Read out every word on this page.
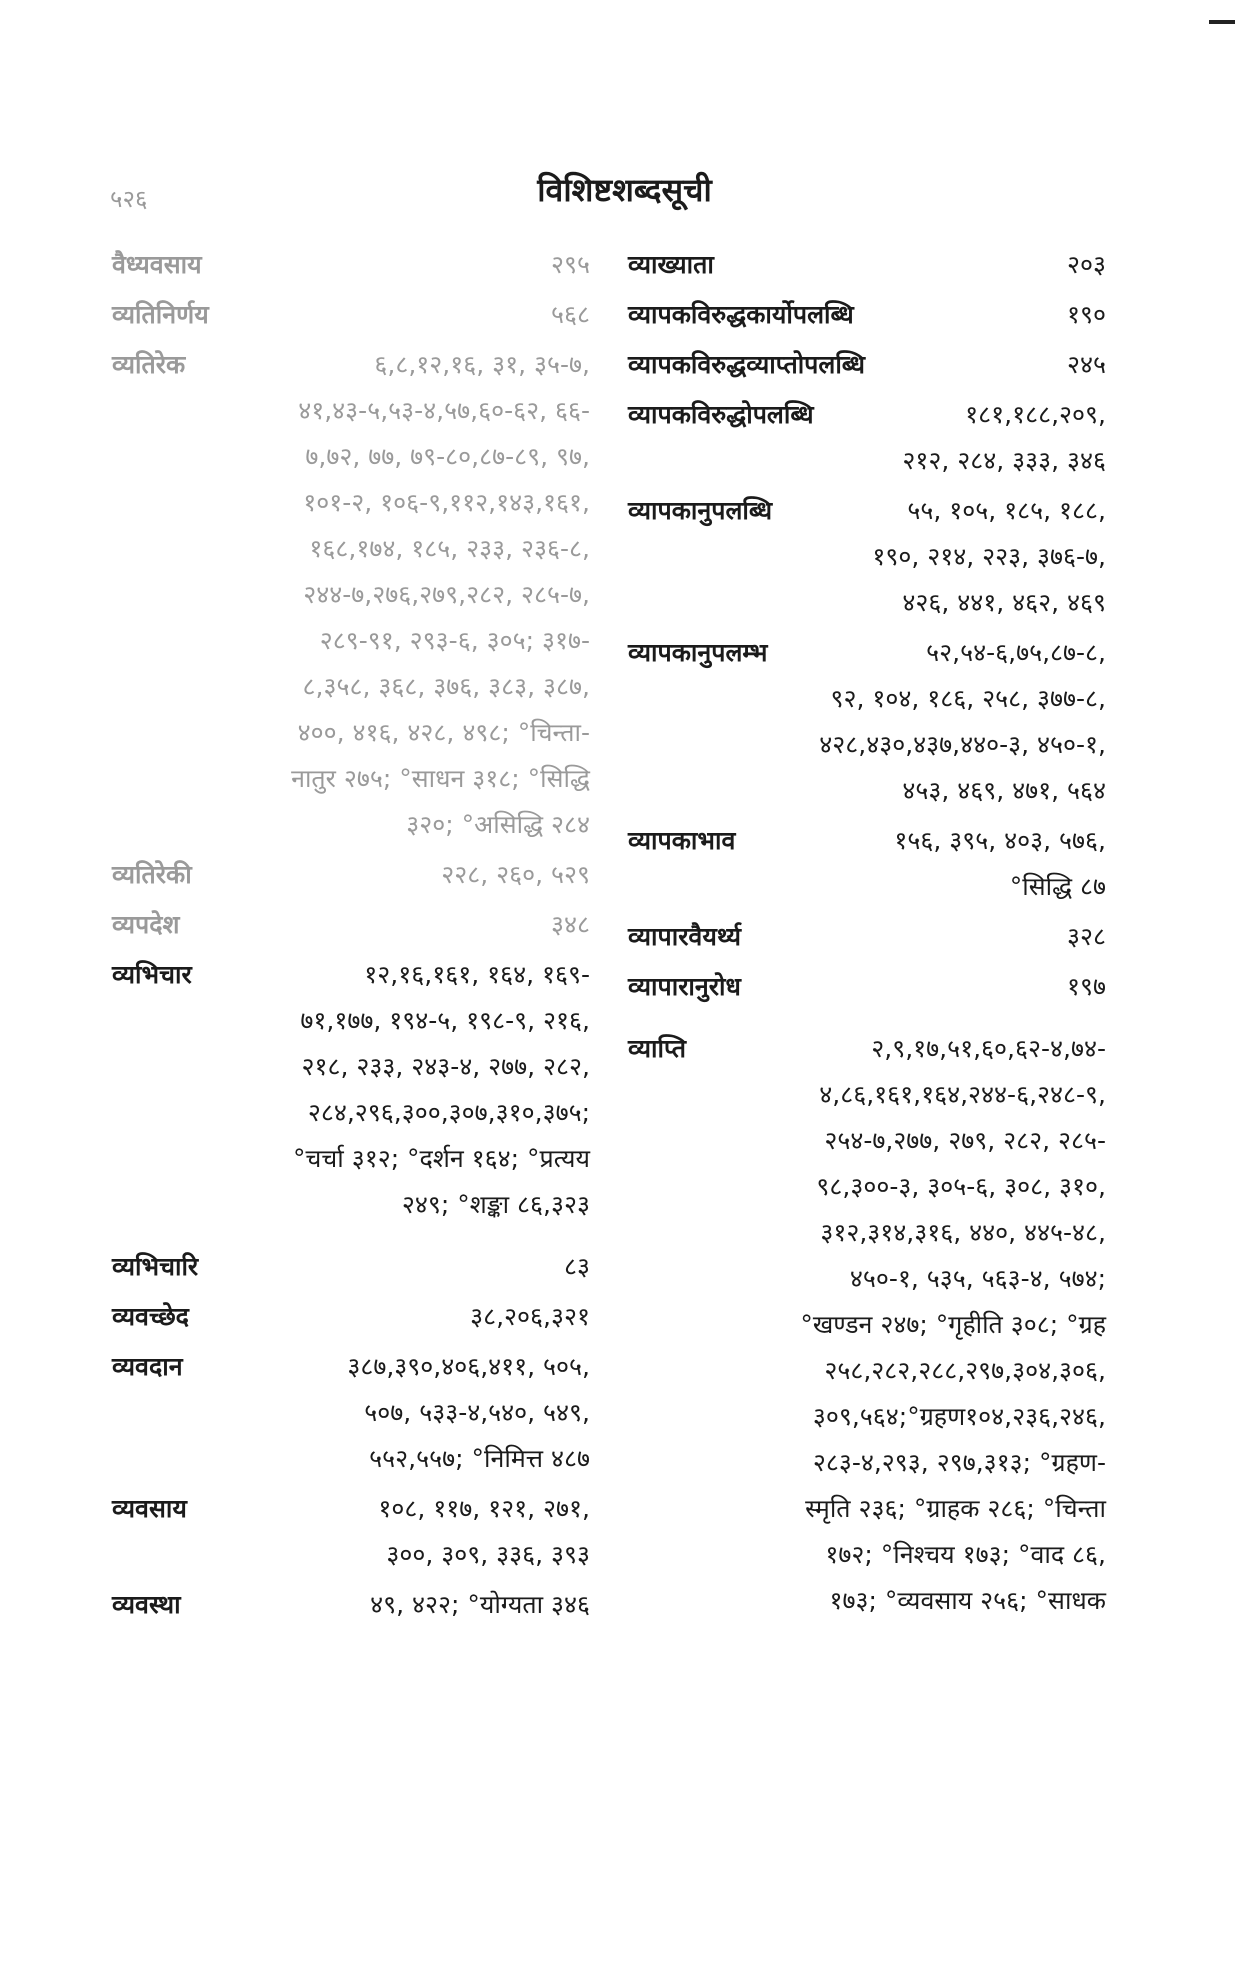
५२६	विशिष्टशब्दसूची
वैध्यवसाय	२९५
व्यतिनिर्णय	५६८
व्यतिरेक	६,८,१२,१६, ३१, ३५-७,
४१,४३-५,५३-४,५७,६०-६२, ६६-
७,७२, ७७, ७९-८०,८७-८९, ९७,
१०१-२, १०६-९,११२,१४३,१६१,
१६८,१७४, १८५, २३३, २३६-८,
२४४-७,२७६,२७९,२८२, २८५-७,
२८९-९१, २९३-६, ३०५; ३१७-
८,३५८, ३६८, ३७६, ३८३, ३८७,
४००, ४१६, ४२८, ४९८; °चिन्ता-
नातुर २७५; °साधन ३१८; °सिद्धि
३२०; °असिद्धि २८४
व्यतिरेकी	२२८, २६०, ५२९
व्यपदेश	३४८
व्यभिचार	१२,१६,१६१, १६४, १६९-
७१,१७७, १९४-५, १९८-९, २१६,
२१८, २३३, २४३-४, २७७, २८२,
२८४,२९६,३००,३०७,३१०,३७५;
°चर्चा ३१२; °दर्शन १६४; °प्रत्यय
२४९; °शङ्का ८६,३२३
व्यभिचारि	८३
व्यवच्छेद	३८,२०६,३२१
व्यवदान	३८७,३९०,४०६,४११, ५०५,
५०७, ५३३-४,५४०, ५४९,
५५२,५५७; °निमित्त ४८७
व्यवसाय	१०८, ११७, १२१, २७१,
३००, ३०९, ३३६, ३९३
व्यवस्था	४९, ४२२; °योग्यता ३४६
व्याख्याता	२०३
व्यापकविरुद्धकार्योपलब्धि	१९०
व्यापकविरुद्धव्याप्तोपलब्धि	२४५
व्यापकविरुद्धोपलब्धि	१८१,१८८,२०९,
२१२, २८४, ३३३, ३४६
व्यापकानुपलब्धि	५५, १०५, १८५, १८८,
१९०, २१४, २२३, ३७६-७,
४२६, ४४१, ४६२, ४६९
व्यापकानुपलम्भ	५२,५४-६,७५,८७-८,
९२, १०४, १८६, २५८, ३७७-८,
४२८,४३०,४३७,४४०-३, ४५०-१,
४५३, ४६९, ४७१, ५६४
व्यापकाभाव	१५६, ३९५, ४०३, ५७६,
°सिद्धि ८७
व्यापारवैयर्थ्य	३२८
व्यापारानुरोध	१९७
व्याप्ति	२,९,१७,५१,६०,६२-४,७४-
४,८६,१६१,१६४,२४४-६,२४८-९,
२५४-७,२७७, २७९, २८२, २८५-
९८,३००-३, ३०५-६, ३०८, ३१०,
३१२,३१४,३१६, ४४०, ४४५-४८,
४५०-१, ५३५, ५६३-४, ५७४;
°खण्डन २४७; °गृहीति ३०८; °ग्रह
२५८,२८२,२८८,२९७,३०४,३०६,
३०९,५६४;°ग्रहण१०४,२३६,२४६,
२८३-४,२९३, २९७,३१३; °ग्रहण-
स्मृति २३६; °ग्राहक २८६; °चिन्ता
१७२; °निश्चय १७३; °वाद ८६,
१७३; °व्यवसाय २५६; °साधक
